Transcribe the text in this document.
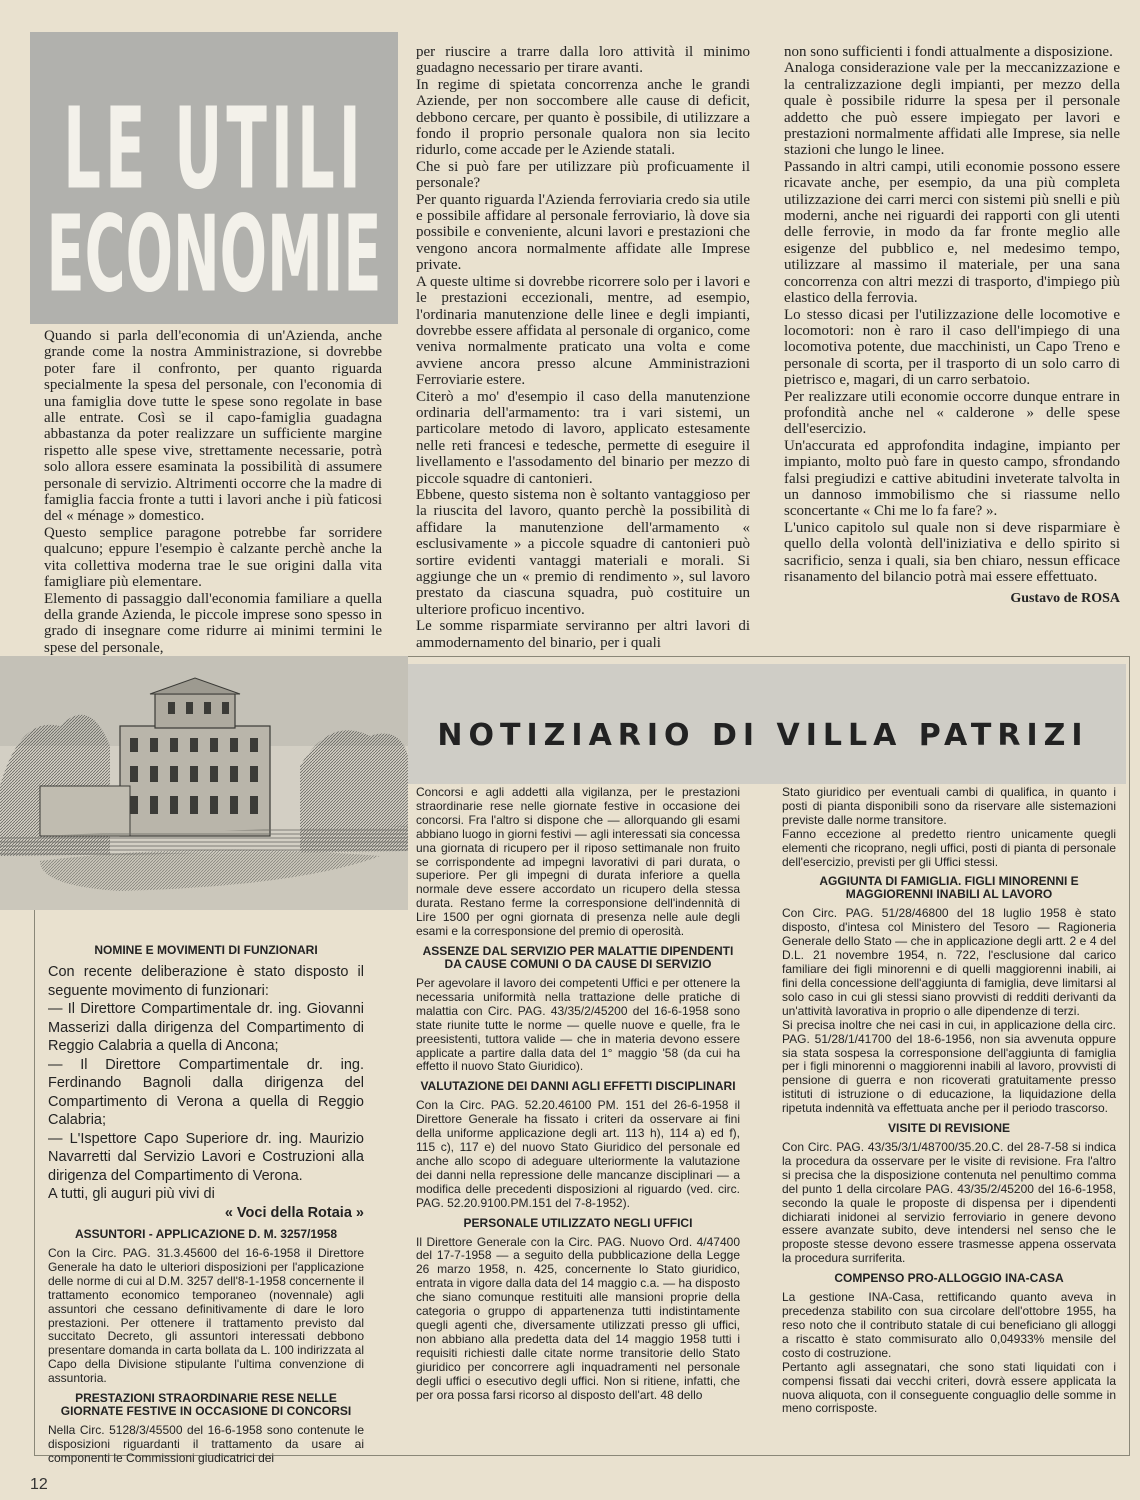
LE UTILI
ECONOMIE

Quando si parla dell'economia di un'Azienda, anche grande come la nostra Amministrazione, si dovrebbe poter fare il confronto, per quanto riguarda specialmente la spesa del personale, con l'economia di una famiglia dove tutte le spese sono regolate in base alle entrate. Così se il capo-famiglia guadagna abbastanza da poter realizzare un sufficiente margine rispetto alle spese vive, strettamente necessarie, potrà solo allora essere esaminata la possibilità di assumere personale di servizio. Altrimenti occorre che la madre di famiglia faccia fronte a tutti i lavori anche i più faticosi del « ménage » domestico.

Questo semplice paragone potrebbe far sorridere qualcuno; eppure l'esempio è calzante perchè anche la vita collettiva moderna trae le sue origini dalla vita famigliare più elementare.

Elemento di passaggio dall'economia familiare a quella della grande Azienda, le piccole imprese sono spesso in grado di insegnare come ridurre ai minimi termini le spese del personale,

per riuscire a trarre dalla loro attività il minimo guadagno necessario per tirare avanti.

In regime di spietata concorrenza anche le grandi Aziende, per non soccombere alle cause di deficit, debbono cercare, per quanto è possibile, di utilizzare a fondo il proprio personale qualora non sia lecito ridurlo, come accade per le Aziende statali.

Che si può fare per utilizzare più proficuamente il personale?

Per quanto riguarda l'Azienda ferroviaria credo sia utile e possibile affidare al personale ferroviario, là dove sia possibile e conveniente, alcuni lavori e prestazioni che vengono ancora normalmente affidate alle Imprese private.

A queste ultime si dovrebbe ricorrere solo per i lavori e le prestazioni eccezionali, mentre, ad esempio, l'ordinaria manutenzione delle linee e degli impianti, dovrebbe essere affidata al personale di organico, come veniva normalmente praticato una volta e come avviene ancora presso alcune Amministrazioni Ferroviarie estere.

Citerò a mo' d'esempio il caso della manutenzione ordinaria dell'armamento: tra i vari sistemi, un particolare metodo di lavoro, applicato estesamente nelle reti francesi e tedesche, permette di eseguire il livellamento e l'assodamento del binario per mezzo di piccole squadre di cantonieri.

Ebbene, questo sistema non è soltanto vantaggioso per la riuscita del lavoro, quanto perchè la possibilità di affidare la manutenzione dell'armamento « esclusivamente » a piccole squadre di cantonieri può sortire evidenti vantaggi materiali e morali. Si aggiunge che un « premio di rendimento », sul lavoro prestato da ciascuna squadra, può costituire un ulteriore proficuo incentivo.

Le somme risparmiate serviranno per altri lavori di ammodernamento del binario, per i quali

non sono sufficienti i fondi attualmente a disposizione.

Analoga considerazione vale per la meccanizzazione e la centralizzazione degli impianti, per mezzo della quale è possibile ridurre la spesa per il personale addetto che può essere impiegato per lavori e prestazioni normalmente affidati alle Imprese, sia nelle stazioni che lungo le linee.

Passando in altri campi, utili economie possono essere ricavate anche, per esempio, da una più completa utilizzazione dei carri merci con sistemi più snelli e più moderni, anche nei riguardi dei rapporti con gli utenti delle ferrovie, in modo da far fronte meglio alle esigenze del pubblico e, nel medesimo tempo, utilizzare al massimo il materiale, per una sana concorrenza con altri mezzi di trasporto, d'impiego più elastico della ferrovia.

Lo stesso dicasi per l'utilizzazione delle locomotive e locomotori: non è raro il caso dell'impiego di una locomotiva potente, due macchinisti, un Capo Treno e personale di scorta, per il trasporto di un solo carro di pietrisco e, magari, di un carro serbatoio.

Per realizzare utili economie occorre dunque entrare in profondità anche nel « calderone » delle spese dell'esercizio.

Un'accurata ed approfondita indagine, impianto per impianto, molto può fare in questo campo, sfrondando falsi pregiudizi e cattive abitudini inveterate talvolta in un dannoso immobilismo che si riassume nello sconcertante « Chi me lo fa fare? ».

L'unico capitolo sul quale non si deve risparmiare è quello della volontà dell'iniziativa e dello spirito si sacrificio, senza i quali, sia ben chiaro, nessun efficace risanamento del bilancio potrà mai essere effettuato.

Gustavo de ROSA
NOTIZIARIO DI VILLA PATRIZI
NOMINE E MOVIMENTI DI FUNZIONARI

Con recente deliberazione è stato disposto il seguente movimento di funzionari:

— Il Direttore Compartimentale dr. ing. Giovanni Masserizi dalla dirigenza del Compartimento di Reggio Calabria a quella di Ancona;

— Il Direttore Compartimentale dr. ing. Ferdinando Bagnoli dalla dirigenza del Compartimento di Verona a quella di Reggio Calabria;

— L'Ispettore Capo Superiore dr. ing. Maurizio Navarretti dal Servizio Lavori e Costruzioni alla dirigenza del Compartimento di Verona.

A tutti, gli auguri più vivi di

« Voci della Rotaia »

ASSUNTORI - APPLICAZIONE D. M. 3257/1958

Con la Circ. PAG. 31.3.45600 del 16-6-1958 il Direttore Generale ha dato le ulteriori disposizioni per l'applicazione delle norme di cui al D.M. 3257 dell'8-1-1958 concernente il trattamento economico temporaneo (novennale) agli assuntori che cessano definitivamente di dare le loro prestazioni. Per ottenere il trattamento previsto dal succitato Decreto, gli assuntori interessati debbono presentare domanda in carta bollata da L. 100 indirizzata al Capo della Divisione stipulante l'ultima convenzione di assuntoria.

PRESTAZIONI STRAORDINARIE RESE NELLE GIORNATE FESTIVE IN OCCASIONE DI CONCORSI

Nella Circ. 5128/3/45500 del 16-6-1958 sono contenute le disposizioni riguardanti il trattamento da usare ai componenti le Commissioni giudicatrici dei

Concorsi e agli addetti alla vigilanza, per le prestazioni straordinarie rese nelle giornate festive in occasione dei concorsi. Fra l'altro si dispone che — allorquando gli esami abbiano luogo in giorni festivi — agli interessati sia concessa una giornata di ricupero per il riposo settimanale non fruito se corrispondente ad impegni lavorativi di pari durata, o superiore. Per gli impegni di durata inferiore a quella normale deve essere accordato un ricupero della stessa durata. Restano ferme la corresponsione dell'indennità di Lire 1500 per ogni giornata di presenza nelle aule degli esami e la corresponsione del premio di operosità.

ASSENZE DAL SERVIZIO PER MALATTIE DIPENDENTI DA CAUSE COMUNI O DA CAUSE DI SERVIZIO

Per agevolare il lavoro dei competenti Uffici e per ottenere la necessaria uniformità nella trattazione delle pratiche di malattia con Circ. PAG. 43/35/2/45200 del 16-6-1958 sono state riunite tutte le norme — quelle nuove e quelle, fra le preesistenti, tuttora valide — che in materia devono essere applicate a partire dalla data del 1° maggio '58 (da cui ha effetto il nuovo Stato Giuridico).

VALUTAZIONE DEI DANNI AGLI EFFETTI DISCIPLINARI

Con la Circ. PAG. 52.20.46100 PM. 151 del 26-6-1958 il Direttore Generale ha fissato i criteri da osservare ai fini della uniforme applicazione degli art. 113 h), 114 a) ed f), 115 c), 117 e) del nuovo Stato Giuridico del personale ed anche allo scopo di adeguare ulteriormente la valutazione dei danni nella repressione delle mancanze disciplinari — a modifica delle precedenti disposizioni al riguardo (ved. circ. PAG. 52.20.9100.PM.151 del 7-8-1952).

PERSONALE UTILIZZATO NEGLI UFFICI

Il Direttore Generale con la Circ. PAG. Nuovo Ord. 4/47400 del 17-7-1958 — a seguito della pubblicazione della Legge 26 marzo 1958, n. 425, concernente lo Stato giuridico, entrata in vigore dalla data del 14 maggio c.a. — ha disposto che siano comunque restituiti alle mansioni proprie della categoria o gruppo di appartenenza tutti indistintamente quegli agenti che, diversamente utilizzati presso gli uffici, non abbiano alla predetta data del 14 maggio 1958 tutti i requisiti richiesti dalle citate norme transitorie dello Stato giuridico per concorrere agli inquadramenti nel personale degli uffici o esecutivo degli uffici. Non si ritiene, infatti, che per ora possa farsi ricorso al disposto dell'art. 48 dello

Stato giuridico per eventuali cambi di qualifica, in quanto i posti di pianta disponibili sono da riservare alle sistemazioni previste dalle norme transitore.

Fanno eccezione al predetto rientro unicamente quegli elementi che ricoprano, negli uffici, posti di pianta di personale dell'esercizio, previsti per gli Uffici stessi.

AGGIUNTA DI FAMIGLIA. FIGLI MINORENNI E MAGGIORENNI INABILI AL LAVORO

Con Circ. PAG. 51/28/46800 del 18 luglio 1958 è stato disposto, d'intesa col Ministero del Tesoro — Ragioneria Generale dello Stato — che in applicazione degli artt. 2 e 4 del D.L. 21 novembre 1954, n. 722, l'esclusione dal carico familiare dei figli minorenni e di quelli maggiorenni inabili, ai fini della concessione dell'aggiunta di famiglia, deve limitarsi al solo caso in cui gli stessi siano provvisti di redditi derivanti da un'attività lavorativa in proprio o alle dipendenze di terzi.

Si precisa inoltre che nei casi in cui, in applicazione della circ. PAG. 51/28/1/41700 del 18-6-1956, non sia avvenuta oppure sia stata sospesa la corresponsione dell'aggiunta di famiglia per i figli minorenni o maggiorenni inabili al lavoro, provvisti di pensione di guerra e non ricoverati gratuitamente presso istituti di istruzione o di educazione, la liquidazione della ripetuta indennità va effettuata anche per il periodo trascorso.

VISITE DI REVISIONE

Con Circ. PAG. 43/35/3/1/48700/35.20.C. del 28-7-58 si indica la procedura da osservare per le visite di revisione. Fra l'altro si precisa che la disposizione contenuta nel penultimo comma del punto 1 della circolare PAG. 43/35/2/45200 del 16-6-1958, secondo la quale le proposte di dispensa per i dipendenti dichiarati inidonei al servizio ferroviario in genere devono essere avanzate subito, deve intendersi nel senso che le proposte stesse devono essere trasmesse appena osservata la procedura surriferita.

COMPENSO PRO-ALLOGGIO INA-CASA

La gestione INA-Casa, rettificando quanto aveva in precedenza stabilito con sua circolare dell'ottobre 1955, ha reso noto che il contributo statale di cui beneficiano gli alloggi a riscatto è stato commisurato allo 0,04933% mensile del costo di costruzione.

Pertanto agli assegnatari, che sono stati liquidati con i compensi fissati dai vecchi criteri, dovrà essere applicata la nuova aliquota, con il conseguente conguaglio delle somme in meno corrisposte.

12
